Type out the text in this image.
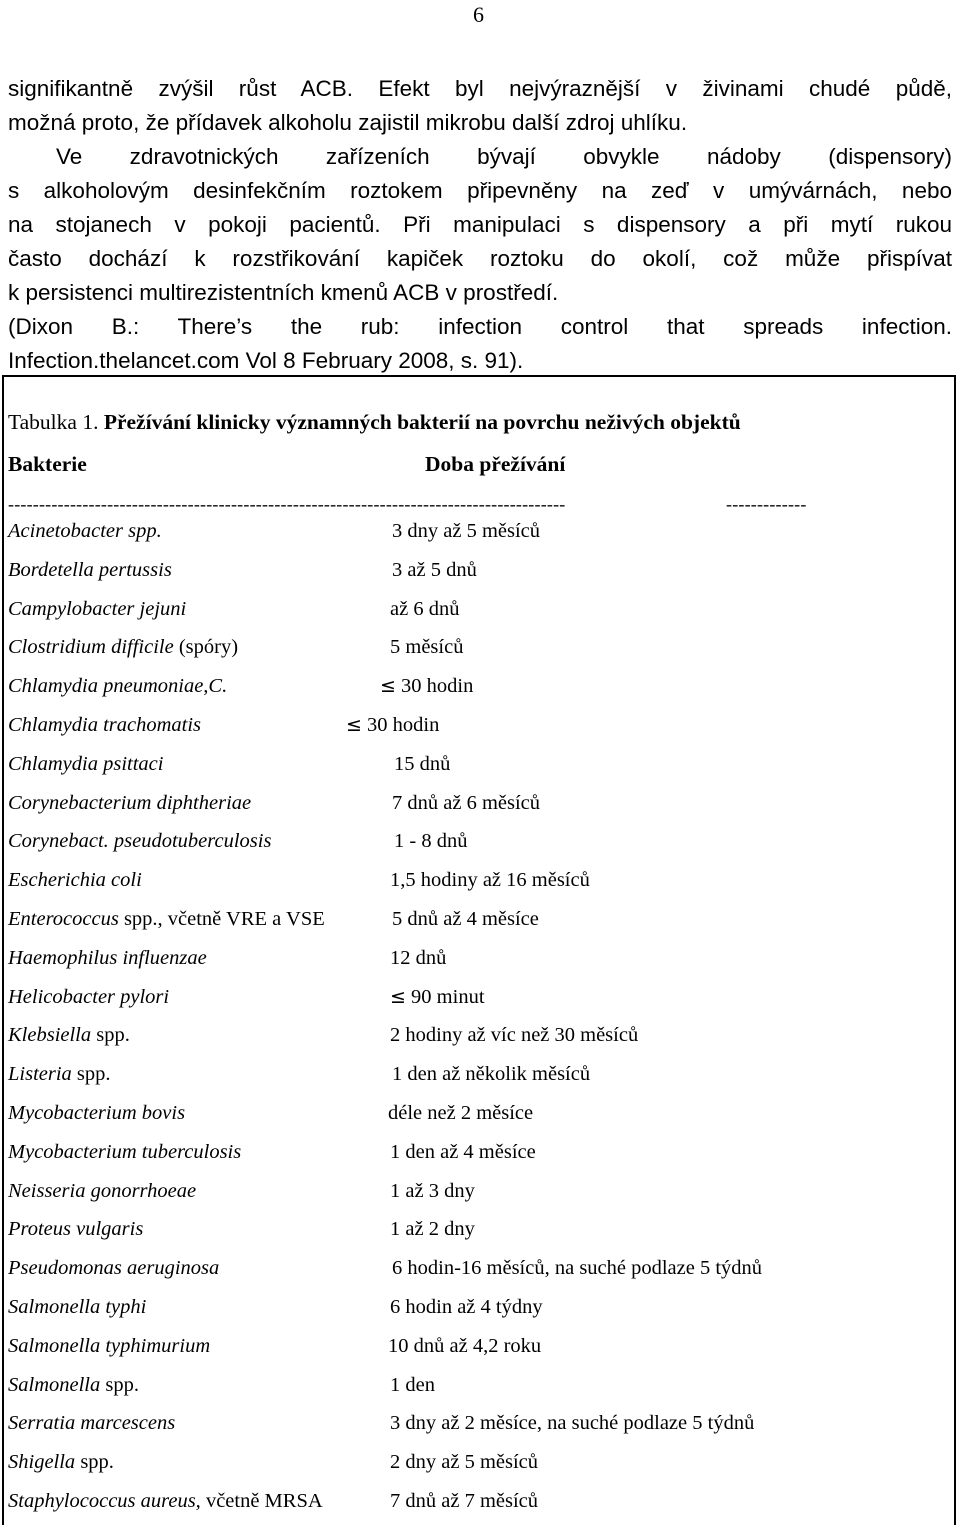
6
signifikantně zvýšil růst ACB. Efekt byl nejvýraznější v živinami chudé půdě,
možná proto, že přídavek alkoholu zajistil mikrobu další zdroj uhlíku.
Ve zdravotnických zařízeních bývají obvykle nádoby (dispensory)
s alkoholovým desinfekčním roztokem připevněny na zeď v umývárnách, nebo
na stojanech v pokoji pacientů. Při manipulaci s dispensory a při mytí rukou
často dochází k rozstřikování kapiček roztoku do okolí, což může přispívat
k persistenci multirezistentních kmenů ACB v prostředí.
(Dixon B.: There’s the rub: infection control that spreads infection.
Infection.thelancet.com Vol 8 February 2008, s. 91).
Tabulka 1. Přežívání klinicky významných bakterií na povrchu neživých objektů
Bakterie	Doba přežívání
------------------------------------------------------------------------------------------	-------------
Acinetobacter spp.	3 dny až 5 měsíců
Bordetella pertussis	3 až 5 dnů
Campylobacter jejuni	až 6 dnů
Clostridium difficile (spóry)	5 měsíců
Chlamydia pneumoniae,C.	≤ 30 hodin
Chlamydia trachomatis	≤ 30 hodin
Chlamydia psittaci	15 dnů
Corynebacterium diphtheriae	7 dnů až 6 měsíců
Corynebact. pseudotuberculosis	1 - 8 dnů
Escherichia coli	1,5 hodiny až 16 měsíců
Enterococcus spp., včetně VRE a VSE	5 dnů až 4 měsíce
Haemophilus influenzae	12 dnů
Helicobacter pylori	≤ 90 minut
Klebsiella spp.	2 hodiny až víc než 30 měsíců
Listeria spp.	1 den až několik měsíců
Mycobacterium bovis	déle než 2 měsíce
Mycobacterium tuberculosis	1 den až 4 měsíce
Neisseria gonorrhoeae	1 až 3 dny
Proteus vulgaris	1 až 2 dny
Pseudomonas aeruginosa	6 hodin-16 měsíců, na suché podlaze 5 týdnů
Salmonella typhi	6 hodin až 4 týdny
Salmonella typhimurium	10 dnů až 4,2 roku
Salmonella spp.	1 den
Serratia marcescens	3 dny až 2 měsíce, na suché podlaze 5 týdnů
Shigella spp.	2 dny až 5 měsíců
Staphylococcus aureus, včetně MRSA	7 dnů až 7 měsíců
